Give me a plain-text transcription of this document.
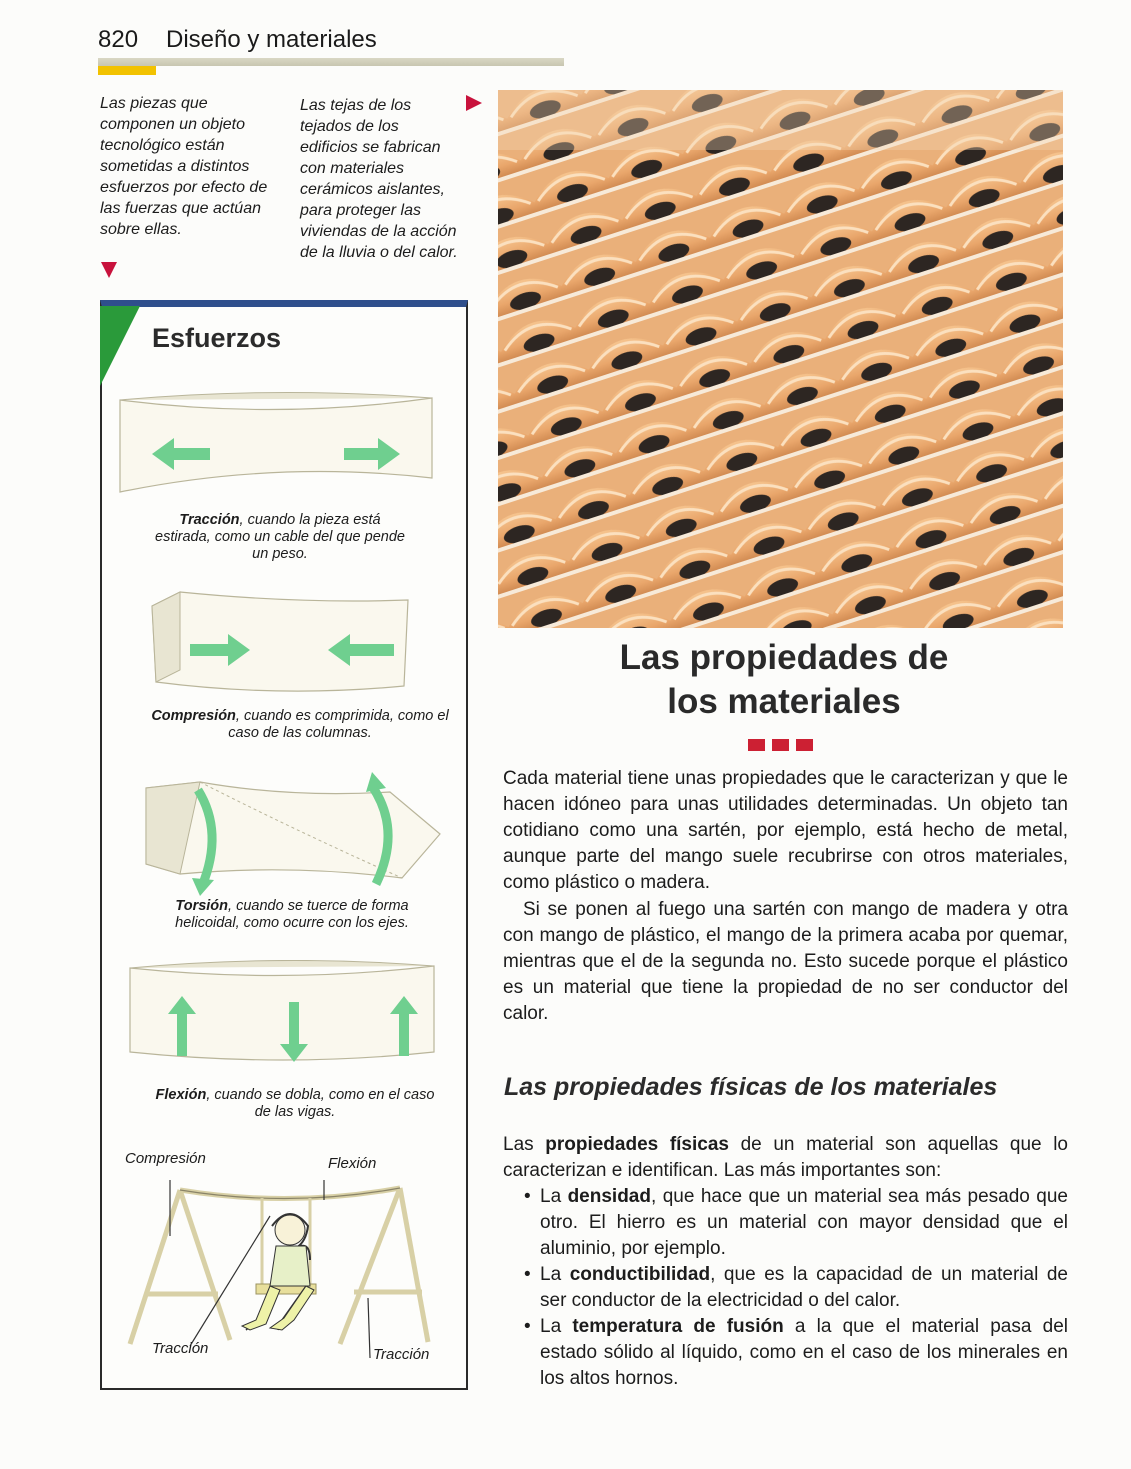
820 Diseño y materiales
Las piezas que componen un objeto tecnológico están sometidas a distintos esfuerzos por efecto de las fuerzas que actúan sobre ellas.
Las tejas de los tejados de los edificios se fabrican con materiales cerámicos aislantes, para proteger las viviendas de la acción de la lluvia o del calor.
Esfuerzos
Tracción, cuando la pieza está estirada, como un cable del que pende un peso.
Compresión, cuando es comprimida, como el caso de las columnas.
Torsión, cuando se tuerce de forma helicoidal, como ocurre con los ejes.
Flexión, cuando se dobla, como en el caso de las vigas.
Compresión	Flexión
Tracción	Tracción
Las propiedades de
los materiales
Cada material tiene unas propiedades que le caracterizan y que le hacen idóneo para unas utilidades determinadas. Un objeto tan cotidiano como una sartén, por ejemplo, está hecho de metal, aunque parte del mango suele recubrirse con otros materiales, como plástico o madera.
Si se ponen al fuego una sartén con mango de madera y otra con mango de plástico, el mango de la primera acaba por quemar, mientras que el de la segunda no. Esto sucede porque el plástico es un material que tiene la propiedad de no ser conductor del calor.
Las propiedades físicas de los materiales
Las propiedades físicas de un material son aquellas que lo caracterizan e identifican. Las más importantes son:
• La densidad, que hace que un material sea más pesado que otro. El hierro es un material con mayor densidad que el aluminio, por ejemplo.
• La conductibilidad, que es la capacidad de un material de ser conductor de la electricidad o del calor.
• La temperatura de fusión a la que el material pasa del estado sólido al líquido, como en el caso de los minerales en los altos hornos.
